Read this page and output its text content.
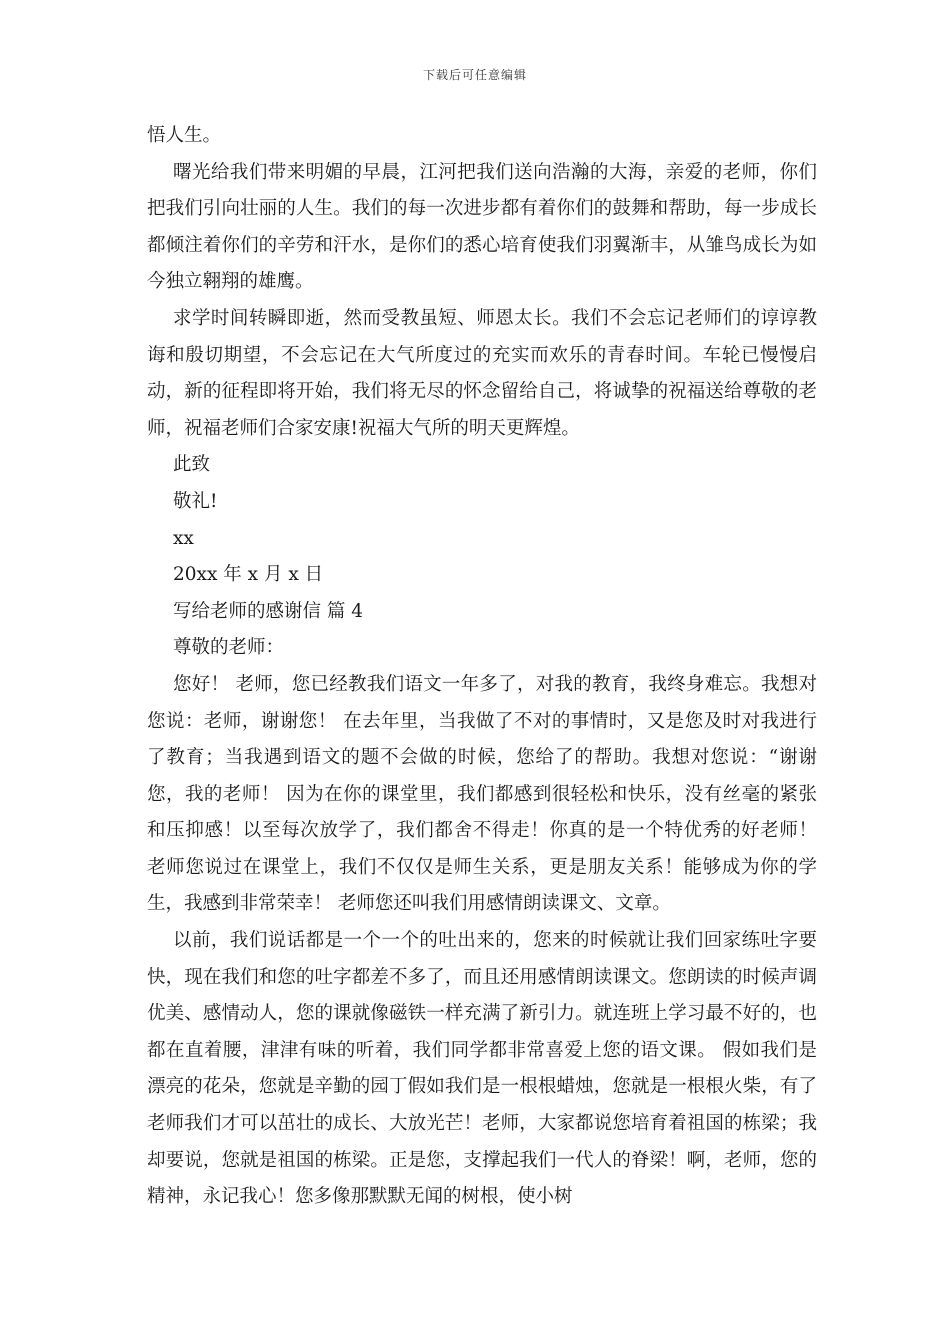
下载后可任意编辑

悟人生。

曙光给我们带来明媚的早晨，江河把我们送向浩瀚的大海，亲爱的老师，你们把我们引向壮丽的人生。我们的每一次进步都有着你们的鼓舞和帮助，每一步成长都倾注着你们的辛劳和汗水，是你们的悉心培育使我们羽翼渐丰，从雏鸟成长为如今独立翱翔的雄鹰。

求学时间转瞬即逝，然而受教虽短、师恩太长。我们不会忘记老师们的谆谆教诲和殷切期望，不会忘记在大气所度过的充实而欢乐的青春时间。车轮已慢慢启动，新的征程即将开始，我们将无尽的怀念留给自己，将诚挚的祝福送给尊敬的老师，祝福老师们合家安康!祝福大气所的明天更辉煌。

此致

敬礼!

xx

20xx 年 x 月 x 日

写给老师的感谢信 篇 4

尊敬的老师：

您好！ 老师，您已经教我们语文一年多了，对我的教育，我终身难忘。我想对您说：老师，谢谢您！ 在去年里，当我做了不对的事情时，又是您及时对我进行了教育；当我遇到语文的题不会做的时候，您给了的帮助。我想对您说：“谢谢您，我的老师！ 因为在你的课堂里，我们都感到很轻松和快乐，没有丝毫的紧张和压抑感！以至每次放学了，我们都舍不得走！你真的是一个特优秀的好老师！ 老师您说过在课堂上，我们不仅仅是师生关系，更是朋友关系！能够成为你的学生，我感到非常荣幸！ 老师您还叫我们用感情朗读课文、文章。

以前，我们说话都是一个一个的吐出来的，您来的时候就让我们回家练吐字要快，现在我们和您的吐字都差不多了，而且还用感情朗读课文。您朗读的时候声调优美、感情动人，您的课就像磁铁一样充满了新引力。就连班上学习最不好的，也都在直着腰，津津有味的听着，我们同学都非常喜爱上您的语文课。 假如我们是漂亮的花朵，您就是辛勤的园丁假如我们是一根根蜡烛，您就是一根根火柴，有了老师我们才可以茁壮的成长、大放光芒！老师，大家都说您培育着祖国的栋梁；我却要说，您就是祖国的栋梁。正是您，支撑起我们一代人的脊梁！啊，老师，您的精神，永记我心！您多像那默默无闻的树根，使小树
